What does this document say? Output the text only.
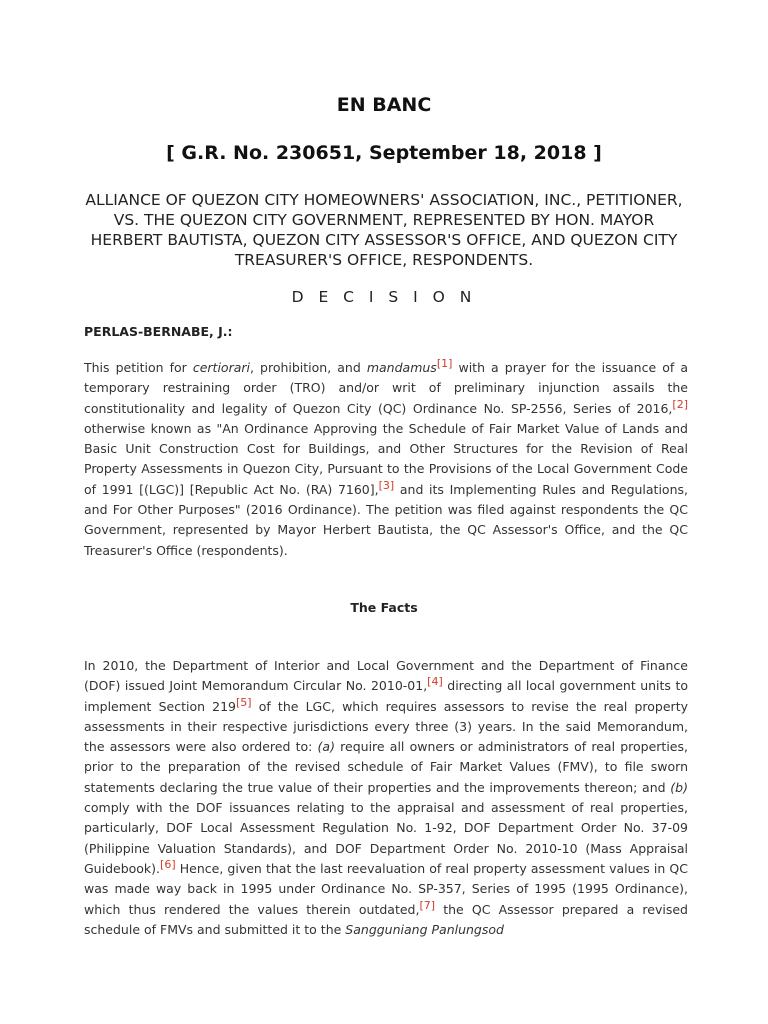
EN BANC
[ G.R. No. 230651, September 18, 2018 ]
ALLIANCE OF QUEZON CITY HOMEOWNERS' ASSOCIATION, INC., PETITIONER, VS. THE QUEZON CITY GOVERNMENT, REPRESENTED BY HON. MAYOR HERBERT BAUTISTA, QUEZON CITY ASSESSOR'S OFFICE, AND QUEZON CITY TREASURER'S OFFICE, RESPONDENTS.
D E C I S I O N
PERLAS-BERNABE, J.:

This petition for certiorari, prohibition, and mandamus[1] with a prayer for the issuance of a temporary restraining order (TRO) and/or writ of preliminary injunction assails the constitutionality and legality of Quezon City (QC) Ordinance No. SP-2556, Series of 2016,[2] otherwise known as "An Ordinance Approving the Schedule of Fair Market Value of Lands and Basic Unit Construction Cost for Buildings, and Other Structures for the Revision of Real Property Assessments in Quezon City, Pursuant to the Provisions of the Local Government Code of 1991 [(LGC)] [Republic Act No. (RA) 7160],[3] and its Implementing Rules and Regulations, and For Other Purposes" (2016 Ordinance). The petition was filed against respondents the QC Government, represented by Mayor Herbert Bautista, the QC Assessor's Office, and the QC Treasurer's Office (respondents).

The Facts

In 2010, the Department of Interior and Local Government and the Department of Finance (DOF) issued Joint Memorandum Circular No. 2010-01,[4] directing all local government units to implement Section 219[5] of the LGC, which requires assessors to revise the real property assessments in their respective jurisdictions every three (3) years. In the said Memorandum, the assessors were also ordered to: (a) require all owners or administrators of real properties, prior to the preparation of the revised schedule of Fair Market Values (FMV), to file sworn statements declaring the true value of their properties and the improvements thereon; and (b) comply with the DOF issuances relating to the appraisal and assessment of real properties, particularly, DOF Local Assessment Regulation No. 1-92, DOF Department Order No. 37-09 (Philippine Valuation Standards), and DOF Department Order No. 2010-10 (Mass Appraisal Guidebook).[6] Hence, given that the last reevaluation of real property assessment values in QC was made way back in 1995 under Ordinance No. SP-357, Series of 1995 (1995 Ordinance), which thus rendered the values therein outdated,[7] the QC Assessor prepared a revised schedule of FMVs and submitted it to the Sangguniang Panlungsod
